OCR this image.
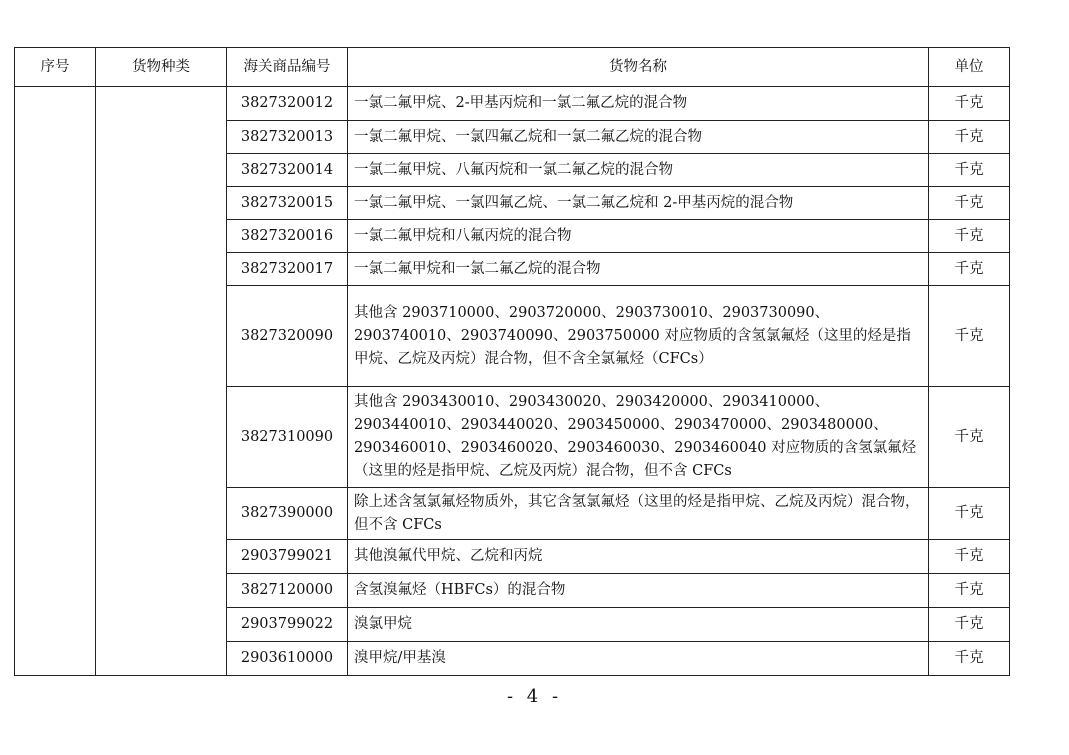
序号	货物种类	海关商品编号	货物名称	单位
		3827320012	一氯二氟甲烷、2-甲基丙烷和一氯二氟乙烷的混合物	千克
		3827320013	一氯二氟甲烷、一氯四氟乙烷和一氯二氟乙烷的混合物	千克
		3827320014	一氯二氟甲烷、八氟丙烷和一氯二氟乙烷的混合物	千克
		3827320015	一氯二氟甲烷、一氯四氟乙烷、一氯二氟乙烷和 2-甲基丙烷的混合物	千克
		3827320016	一氯二氟甲烷和八氟丙烷的混合物	千克
		3827320017	一氯二氟甲烷和一氯二氟乙烷的混合物	千克
		3827320090	其他含 2903710000、2903720000、2903730010、2903730090、2903740010、2903740090、2903750000 对应物质的含氢氯氟烃（这里的烃是指甲烷、乙烷及丙烷）混合物，但不含全氯氟烃（CFCs）	千克
		3827310090	其他含 2903430010、2903430020、2903420000、2903410000、2903440010、2903440020、2903450000、2903470000、2903480000、2903460010、2903460020、2903460030、2903460040 对应物质的含氢氯氟烃（这里的烃是指甲烷、乙烷及丙烷）混合物，但不含 CFCs	千克
		3827390000	除上述含氢氯氟烃物质外，其它含氢氯氟烃（这里的烃是指甲烷、乙烷及丙烷）混合物，但不含 CFCs	千克
		2903799021	其他溴氟代甲烷、乙烷和丙烷	千克
		3827120000	含氢溴氟烃（HBFCs）的混合物	千克
		2903799022	溴氯甲烷	千克
		2903610000	溴甲烷/甲基溴	千克
- 4 -
